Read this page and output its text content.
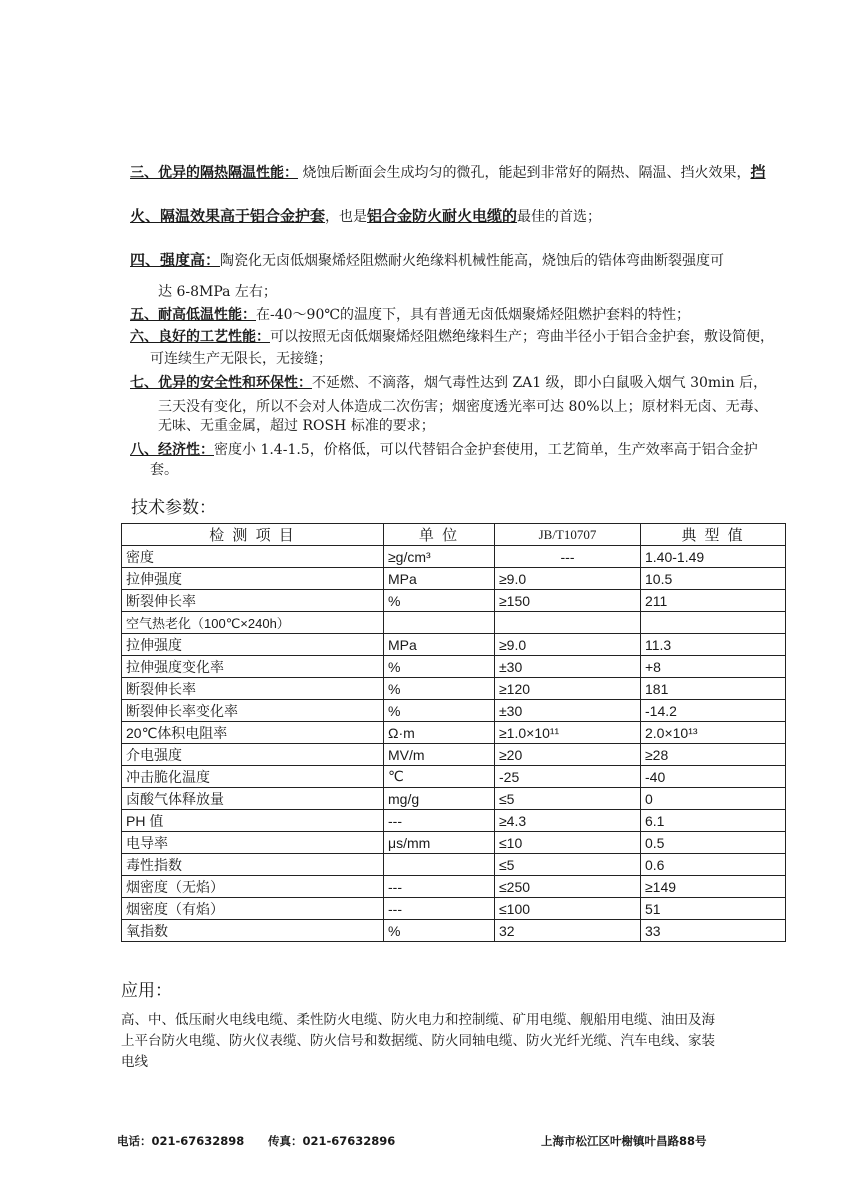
三、优异的隔热隔温性能： 烧蚀后断面会生成均匀的微孔，能起到非常好的隔热、隔温、挡火效果，挡
火、隔温效果高于铝合金护套，也是铝合金防火耐火电缆的最佳的首选；
四、强度高：陶瓷化无卤低烟聚烯烃阻燃耐火绝缘料机械性能高，烧蚀后的锆体弯曲断裂强度可
达 6-8MPa 左右；
五、耐高低温性能：在-40～90℃的温度下，具有普通无卤低烟聚烯烃阻燃护套料的特性；
六、良好的工艺性能：可以按照无卤低烟聚烯烃阻燃绝缘料生产；弯曲半径小于铝合金护套，敷设简便，
可连续生产无限长，无接缝；
七、优异的安全性和环保性：不延燃、不滴落，烟气毒性达到 ZA1 级，即小白鼠吸入烟气 30min 后，
三天没有变化，所以不会对人体造成二次伤害；烟密度透光率可达 80%以上；原材料无卤、无毒、
无味、无重金属，超过 ROSH 标准的要求；
八、经济性：密度小 1.4-1.5，价格低，可以代替铝合金护套使用，工艺简单，生产效率高于铝合金护
套。
技术参数：
检 测 项 目	单 位	JB/T10707	典 型 值
密度	≥g/cm³	---	1.40-1.49
拉伸强度	MPa	≥9.0	10.5
断裂伸长率	%	≥150	211
空气热老化（100℃×240h）			
拉伸强度	MPa	≥9.0	11.3
拉伸强度变化率	%	±30	+8
断裂伸长率	%	≥120	181
断裂伸长率变化率	%	±30	-14.2
20℃体积电阻率	Ω·m	≥1.0×10¹¹	2.0×10¹³
介电强度	MV/m	≥20	≥28
冲击脆化温度	℃	-25	-40
卤酸气体释放量	mg/g	≤5	0
PH 值	---	≥4.3	6.1
电导率	μs/mm	≤10	0.5
毒性指数		≤5	0.6
烟密度（无焰）	---	≤250	≥149
烟密度（有焰）	---	≤100	51
氧指数	%	32	33
应用：
高、中、低压耐火电线电缆、柔性防火电缆、防火电力和控制缆、矿用电缆、舰船用电缆、油田及海
上平台防火电缆、防火仪表缆、防火信号和数据缆、防火同轴电缆、防火光纤光缆、汽车电线、家装
电线
电话：021-67632898 传真：021-67632896	上海市松江区叶榭镇叶昌路88号
